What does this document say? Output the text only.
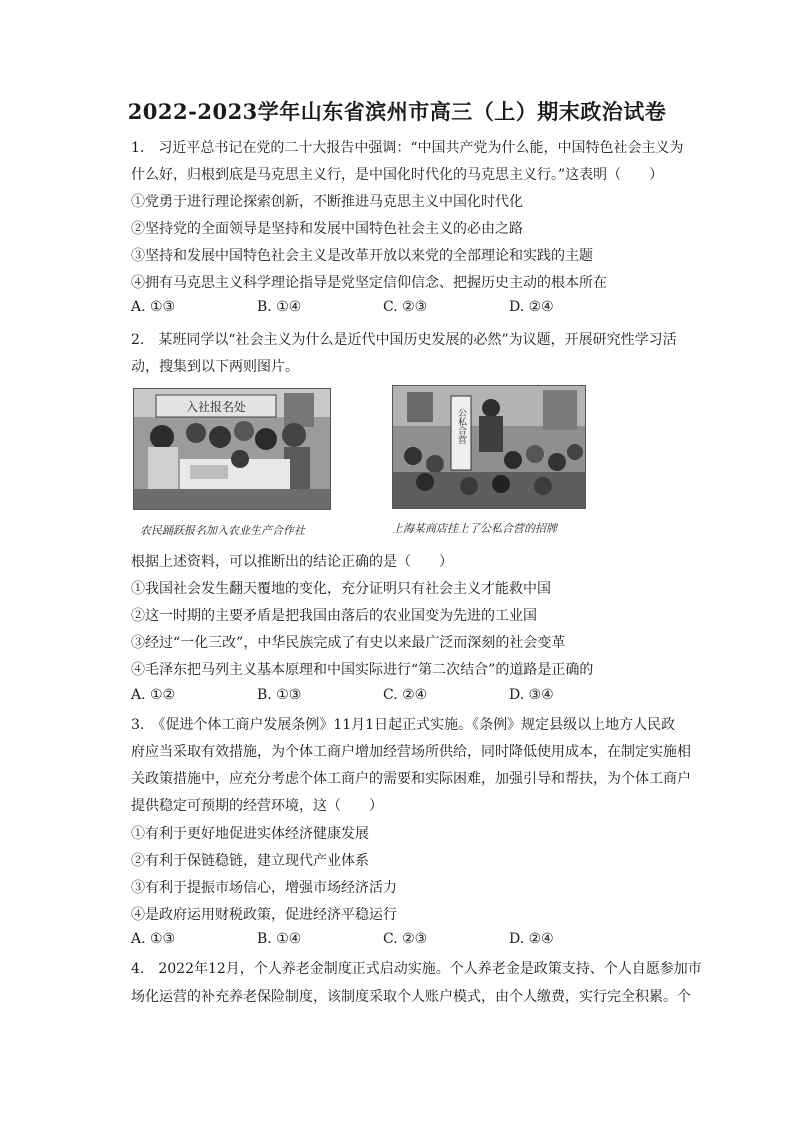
2022-2023学年山东省滨州市高三（上）期末政治试卷
1.　习近平总书记在党的二十大报告中强调：“中国共产党为什么能，中国特色社会主义为
什么好，归根到底是马克思主义行，是中国化时代化的马克思主义行。”这表明（　　）
①党勇于进行理论探索创新，不断推进马克思主义中国化时代化
②坚持党的全面领导是坚持和发展中国特色社会主义的必由之路
③坚持和发展中国特色社会主义是改革开放以来党的全部理论和实践的主题
④拥有马克思主义科学理论指导是党坚定信仰信念、把握历史主动的根本所在
A. ①③	B. ①④	C. ②③	D. ②④
2.　某班同学以“社会主义为什么是近代中国历史发展的必然”为议题，开展研究性学习活
动，搜集到以下两则图片。
入社报名处
农民踊跃报名加入农业生产合作社
公私合营
上海某商店挂上了公私合营的招牌
根据上述资料，可以推断出的结论正确的是（　　）
①我国社会发生翻天覆地的变化，充分证明只有社会主义才能救中国
②这一时期的主要矛盾是把我国由落后的农业国变为先进的工业国
③经过“一化三改”，中华民族完成了有史以来最广泛而深刻的社会变革
④毛泽东把马列主义基本原理和中国实际进行“第二次结合”的道路是正确的
A. ①②	B. ①③	C. ②④	D. ③④
3.　《促进个体工商户发展条例》11月1日起正式实施。《条例》规定县级以上地方人民政
府应当采取有效措施，为个体工商户增加经营场所供给，同时降低使用成本，在制定实施相
关政策措施中，应充分考虑个体工商户的需要和实际困难，加强引导和帮扶，为个体工商户
提供稳定可预期的经营环境，这（　　）
①有利于更好地促进实体经济健康发展
②有利于保链稳链，建立现代产业体系
③有利于提振市场信心，增强市场经济活力
④是政府运用财税政策，促进经济平稳运行
A. ①③	B. ①④	C. ②③	D. ②④
4.　2022年12月，个人养老金制度正式启动实施。个人养老金是政策支持、个人自愿参加市
场化运营的补充养老保险制度，该制度采取个人账户模式，由个人缴费，实行完全积累。个
